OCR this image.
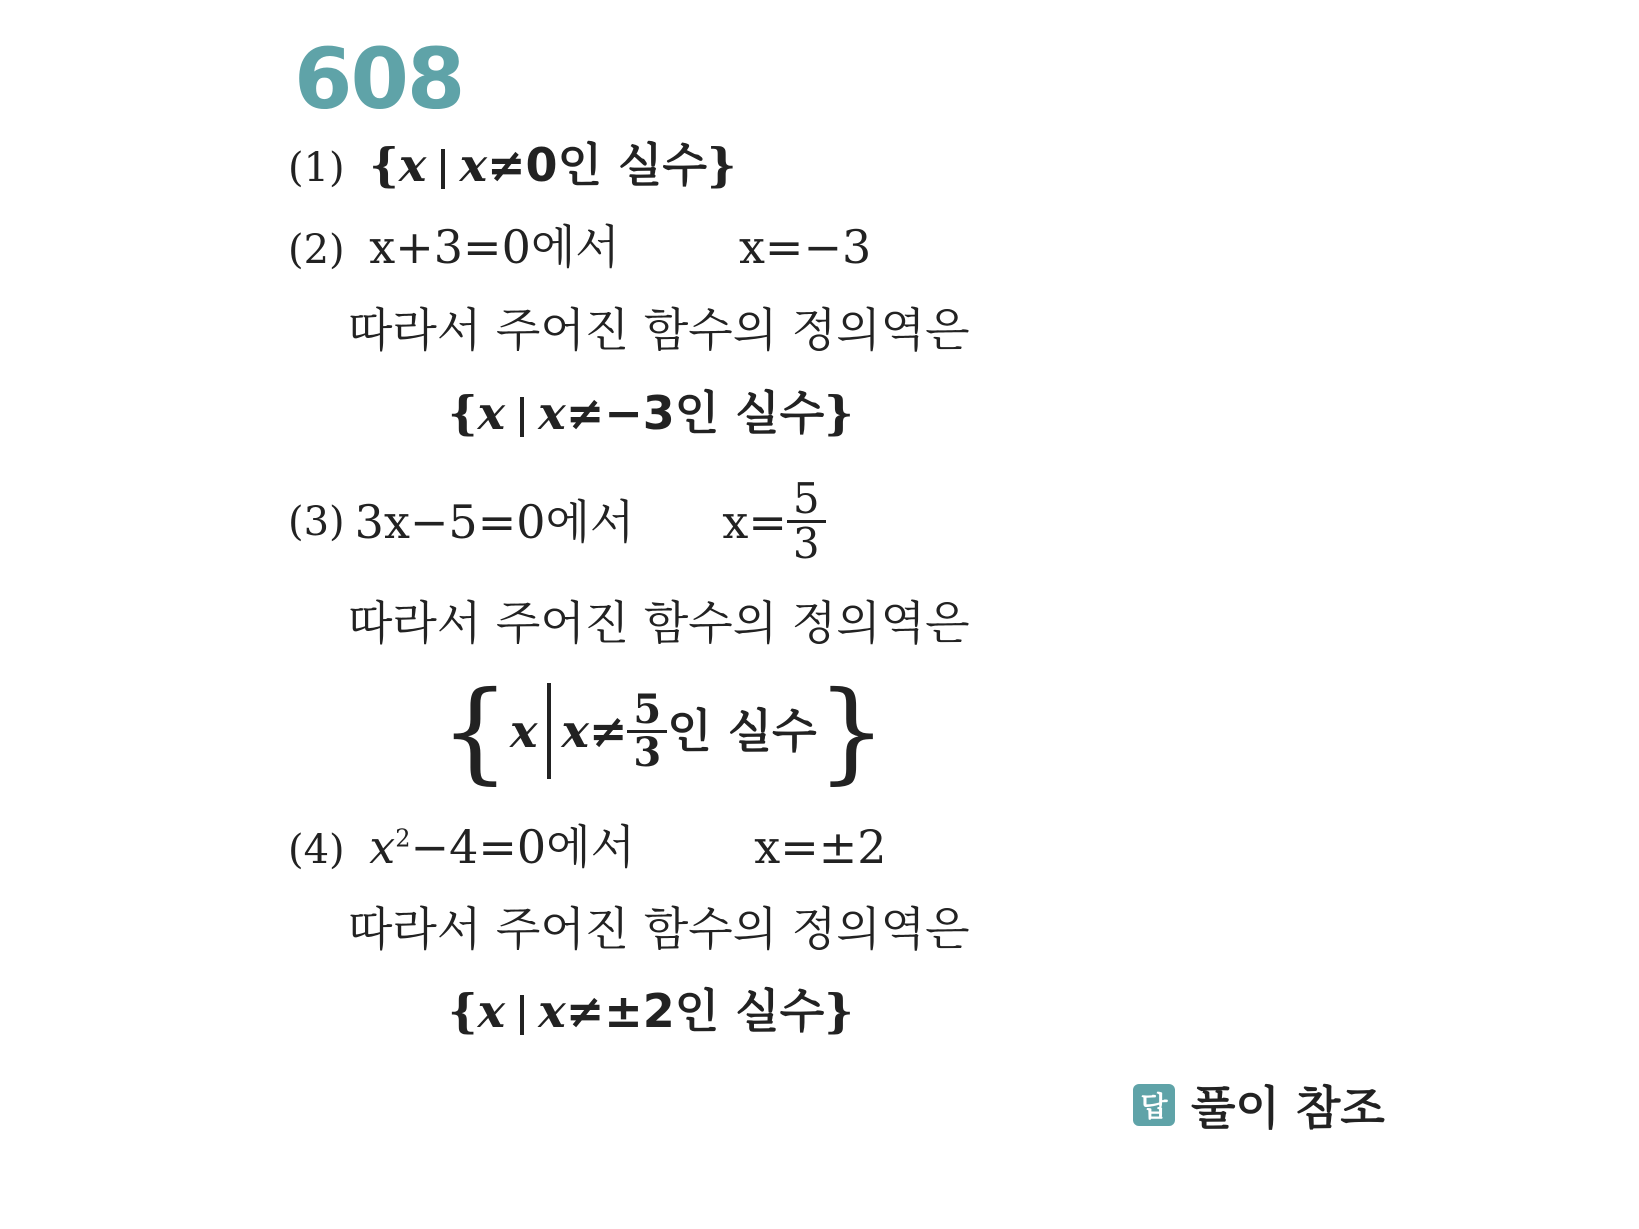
608
(1) {x x≠0인 실수}
(2) x+3=0에서	x=−3
따라서 주어진 함수의 정의역은
{x x≠−3인 실수}
(3) 3x−5=0에서 $x= \frac{5}{3}$
따라서 주어진 함수의 정의역은
{ x $x \ne \frac{5}{3}$ 인 실수 }
(4) $x^2-4=0$에서	x=±2
따라서 주어진 함수의 정의역은
{x x≠±2인 실수}
답 풀이 참조
